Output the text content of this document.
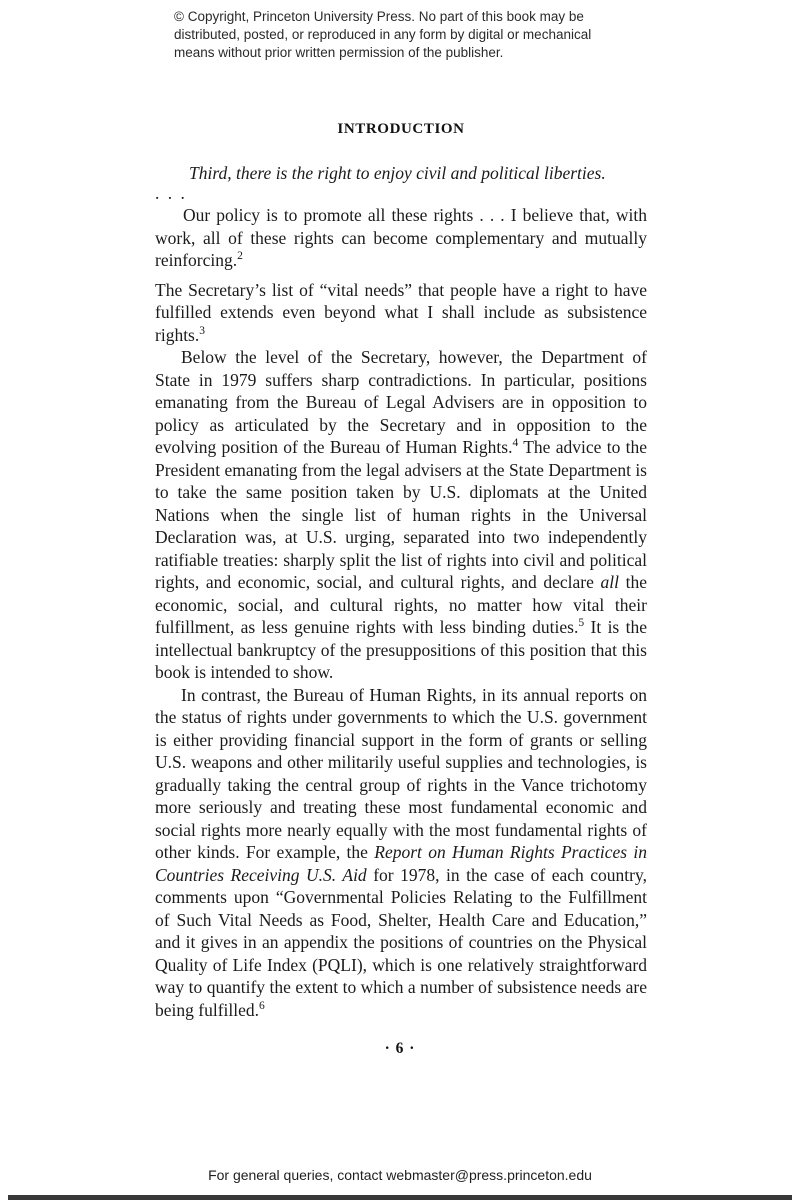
© Copyright, Princeton University Press. No part of this book may be
distributed, posted, or reproduced in any form by digital or mechanical
means without prior written permission of the publisher.
INTRODUCTION

Third, there is the right to enjoy civil and political liberties.

. . .

Our policy is to promote all these rights . . . I believe that, with work, all of these rights can become complementary and mutually reinforcing.$^2$

The Secretary’s list of “vital needs” that people have a right to have fulfilled extends even beyond what I shall include as subsistence rights.$^3$

Below the level of the Secretary, however, the Department of State in 1979 suffers sharp contradictions. In particular, positions emanating from the Bureau of Legal Advisers are in opposition to policy as articulated by the Secretary and in opposition to the evolving position of the Bureau of Human Rights.$^4$ The advice to the President emanating from the legal advisers at the State Department is to take the same position taken by U.S. diplomats at the United Nations when the single list of human rights in the Universal Declaration was, at U.S. urging, separated into two independently ratifiable treaties: sharply split the list of rights into civil and political rights, and economic, social, and cultural rights, and declare all the economic, social, and cultural rights, no matter how vital their fulfillment, as less genuine rights with less binding duties.$^5$ It is the intellectual bankruptcy of the presuppositions of this position that this book is intended to show.

In contrast, the Bureau of Human Rights, in its annual reports on the status of rights under governments to which the U.S. government is either providing financial support in the form of grants or selling U.S. weapons and other militarily useful supplies and technologies, is gradually taking the central group of rights in the Vance trichotomy more seriously and treating these most fundamental economic and social rights more nearly equally with the most fundamental rights of other kinds. For example, the Report on Human Rights Practices in Countries Receiving U.S. Aid for 1978, in the case of each country, comments upon “Governmental Policies Relating to the Fulfillment of Such Vital Needs as Food, Shelter, Health Care and Education,” and it gives in an appendix the positions of countries on the Physical Quality of Life Index (PQLI), which is one relatively straightforward way to quantify the extent to which a number of subsistence needs are being fulfilled.$^6$

· 6 ·
For general queries, contact webmaster@press.princeton.edu
